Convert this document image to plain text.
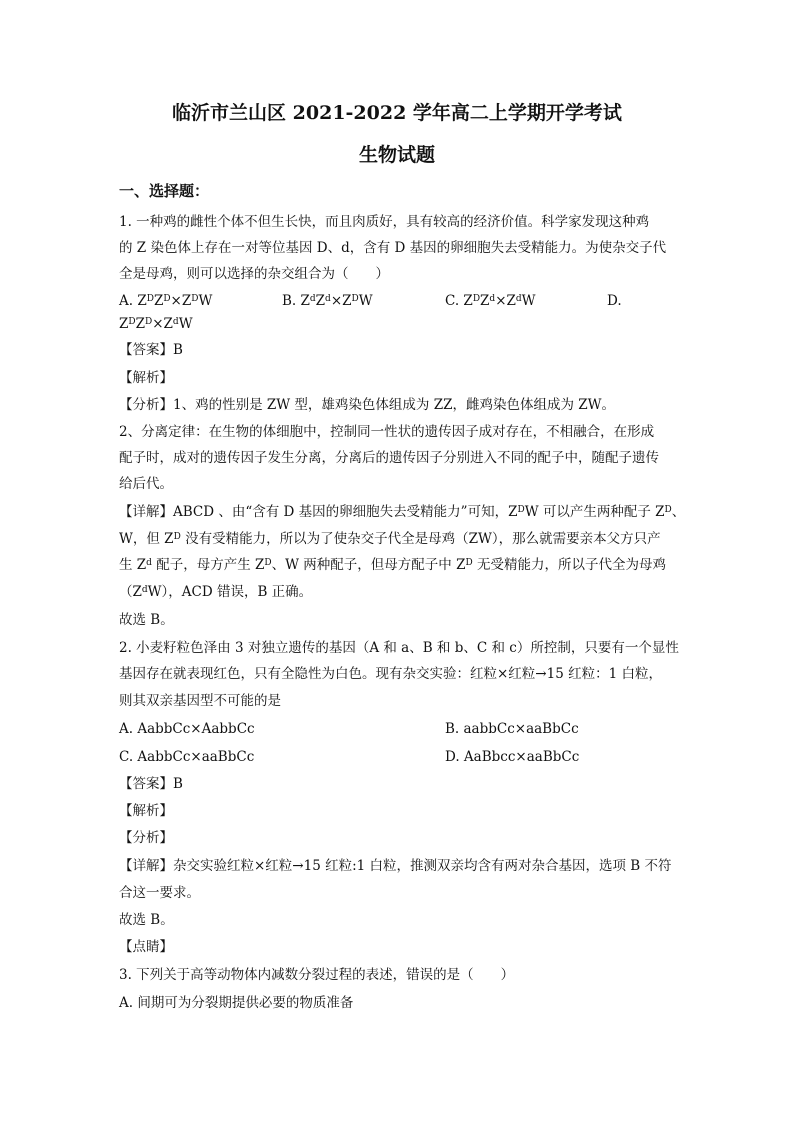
临沂市兰山区 2021-2022 学年高二上学期开学考试
生物试题
一、选择题：
1. 一种鸡的雌性个体不但生长快，而且肉质好，具有较高的经济价值。科学家发现这种鸡
的 Z 染色体上存在一对等位基因 D、d，含有 D 基因的卵细胞失去受精能力。为使杂交子代
全是母鸡，则可以选择的杂交组合为（　　）
A. $Z^DZ^D\times Z^DW$	B. $Z^dZ^d\times Z^DW$	C. $Z^DZ^d\times Z^dW$	D.
$Z^DZ^D\times Z^dW$
【答案】B
【解析】
【分析】1、鸡的性别是 ZW 型，雄鸡染色体组成为 ZZ，雌鸡染色体组成为 ZW。
2、分离定律：在生物的体细胞中，控制同一性状的遗传因子成对存在，不相融合，在形成
配子时，成对的遗传因子发生分离，分离后的遗传因子分别进入不同的配子中，随配子遗传
给后代。
【详解】ABCD 、由“含有 D 基因的卵细胞失去受精能力”可知，$Z^DW$ 可以产生两种配子 $Z^D$、
W，但 $Z^D$ 没有受精能力，所以为了使杂交子代全是母鸡（ZW），那么就需要亲本父方只产
生 $Z^d$ 配子，母方产生 $Z^D$、W 两种配子，但母方配子中 $Z^D$ 无受精能力，所以子代全为母鸡
$(Z^dW)$，ACD 错误，B 正确。
故选 B。
2. 小麦籽粒色泽由 3 对独立遗传的基因（A 和 a、B 和 b、C 和 c）所控制，只要有一个显性
基因存在就表现红色，只有全隐性为白色。现有杂交实验：红粒×红粒→15 红粒：1 白粒，
则其双亲基因型不可能的是
A. AabbCc×AabbCc	B. aabbCc×aaBbCc
C. AabbCc×aaBbCc	D. AaBbcc×aaBbCc
【答案】B
【解析】
【分析】
【详解】杂交实验红粒×红粒→15 红粒:1 白粒，推测双亲均含有两对杂合基因，选项 B 不符
合这一要求。
故选 B。
【点睛】
3. 下列关于高等动物体内减数分裂过程的表述，错误的是（　　）
A. 间期可为分裂期提供必要的物质准备
